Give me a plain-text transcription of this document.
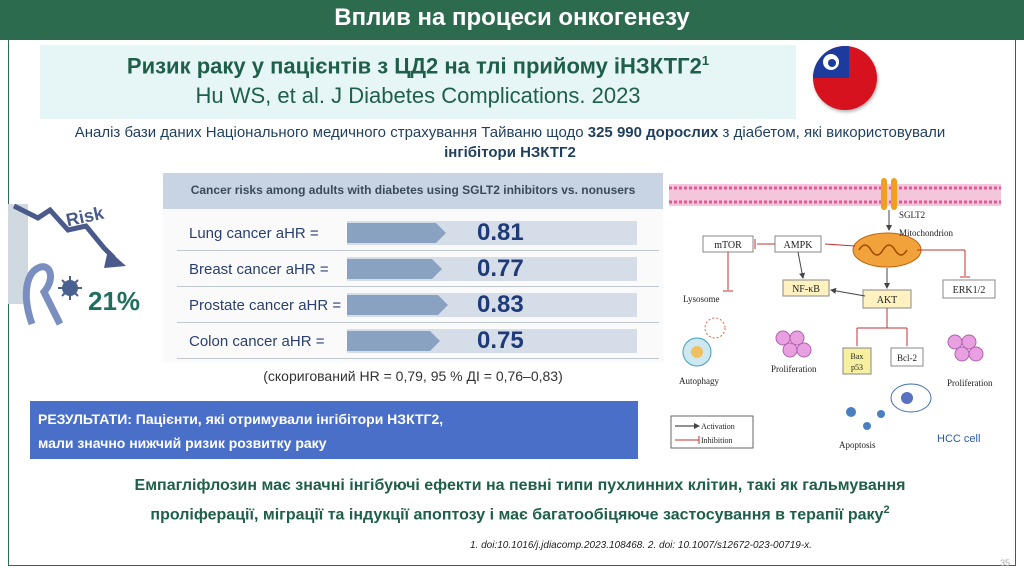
Вплив на процеси онкогенезу
Ризик раку у пацієнтів з ЦД2 на тлі прийому $іНЗКТГ2^1$
Hu WS, et al. J Diabetes Complications. 2023
Аналіз бази даних Національного медичного страхування Тайваню щодо 325 990 дорослих з діабетом, які використовували інгібітори НЗКТГ2
Risk
21%
Cancer risks among adults with diabetes using SGLT2 inhibitors vs. nonusers
Lung cancer aHR =	0.81
Breast cancer aHR =	0.77
Prostate cancer aHR =	0.83
Colon cancer aHR =	0.75
(скоригований HR = 0,79, 95 % ДІ = 0,76–0,83)
РЕЗУЛЬТАТИ: Пацієнти, які отримували інгібітори НЗКТГ2,
мали значно нижчий ризик розвитку раку
SGLT2
Mitochondrion
mTOR	AMPK
NF-κB
AKT
ERK1/2
Lysosome
Autophagy
Proliferation
Proliferation
Bax
p53
Bcl-2
Apoptosis
Activation
Inhibition	HCC cell
Емпагліфлозин має значні інгібуючі ефекти на певні типи пухлинних клітин, такі як гальмування
проліферації, міграції та індукції апоптозу і має багатообіцяюче застосування в терапії раку$^2$
1. doi:10.1016/j.jdiacomp.2023.108468. 2. doi: 10.1007/s12672-023-00719-x.
35
